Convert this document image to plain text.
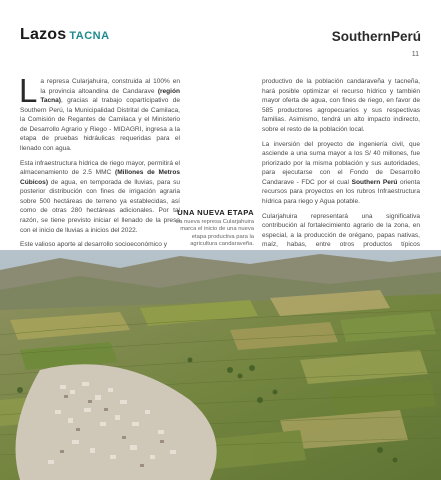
Lazos TACNA	SouthernPerú
11

La represa Cularjahuira, construida al 100% en la provincia altoandina de Candarave (región Tacna), gracias al trabajo copartícipativo de Southern Perú, la Municipalidad Distrital de Camilaca, la Comisión de Regantes de Camilaca y el Ministerio de Desarrollo Agrario y Riego - MIDAGRI, ingresa a la etapa de pruebas hidráulicas requeridas para el llenado con agua.

Esta infraestructura hídrica de riego mayor, permitirá el almacenamiento de 2.5 MMC (Millones de Metros Cúbicos) de agua, en temporada de lluvias, para su posterior distribución con fines de irrigación agraria sobre 500 hectáreas de terreno ya establecidas, así como de otras 280 hectáreas adicionales. Por tal razón, se tiene previsto iniciar el llenado de la presa con el inicio de lluvias a inicios del 2022.

Este valioso aporte al desarrollo socioeconómico y

UNA NUEVA ETAPA
La nueva represa Cularjahuira marca el inicio de una nueva etapa productiva para la agricultura candaraveña.

productivo de la población candaraveña y tacneña, hará posible optimizar el recurso hídrico y también mayor oferta de agua, con fines de riego, en favor de 585 productores agropecuarios y sus respectivas familias. Asimismo, tendrá un alto impacto indirecto, sobre el resto de la población local.

La inversión del proyecto de ingeniería civil, que asciende a una suma mayor a los S/ 40 millones, fue priorizado por la misma población y sus autoridades, para ejecutarse con el Fondo de Desarrollo Candarave - FDC por el cual Southern Perú orienta recursos para proyectos en los rubros Infraestructura hídrica para riego y Agua potable.

Cularjahuira representará una significativa contribución al fortalecimiento agrario de la zona, en especial, a la producción de orégano, papas nativas, maíz, habas, entre otros productos típicos
